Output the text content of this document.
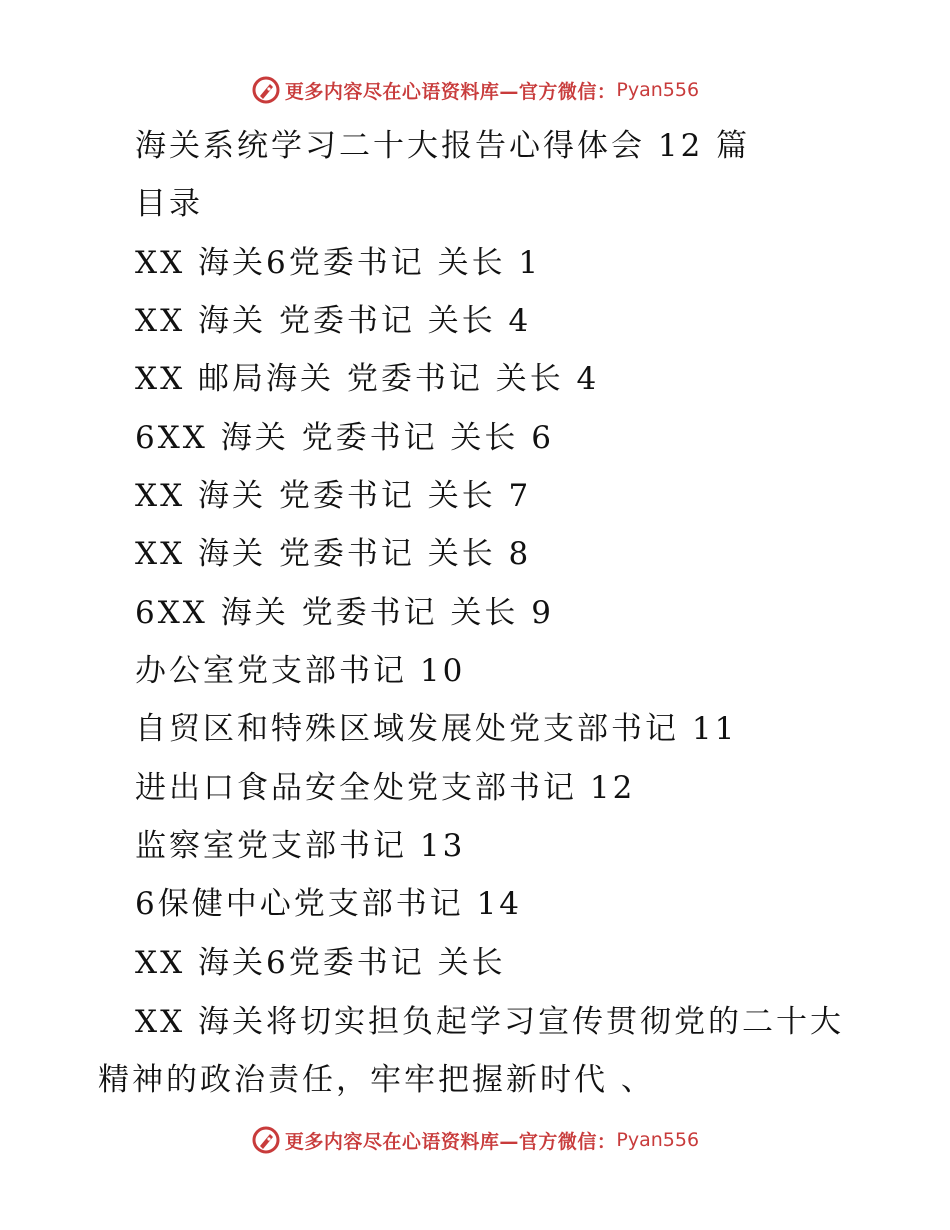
更多内容尽在心语资料库—官方微信： Pyan556
海关系统学习二十大报告心得体会 12 篇
目录
XX 海关6党委书记 关长 1
XX 海关 党委书记 关长 4
XX 邮局海关 党委书记 关长 4
6XX 海关 党委书记 关长 6
XX 海关 党委书记 关长 7
XX 海关 党委书记 关长 8
6XX 海关 党委书记 关长 9
办公室党支部书记 10
自贸区和特殊区域发展处党支部书记 11
进出口食品安全处党支部书记 12
监察室党支部书记 13
6保健中心党支部书记 14
XX 海关6党委书记 关长
XX 海关将切实担负起学习宣传贯彻党的二十大
精神的政治责任，牢牢把握新时代 、
更多内容尽在心语资料库—官方微信： Pyan556
